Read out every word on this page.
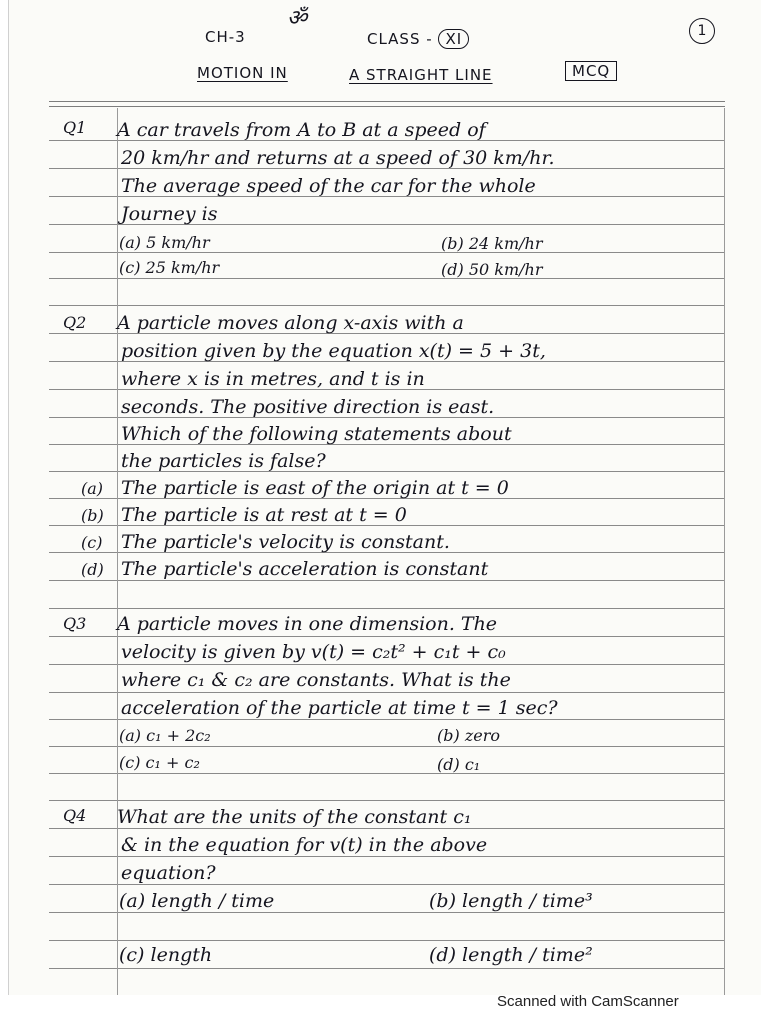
ॐ
CH-3	CLASS - XI	1
MOTION IN	A STRAIGHT LINE	MCQ
Q1 A car travels from A to B at a speed of
20 km/hr and returns at a speed of 30 km/hr.
The average speed of the car for the whole
Journey is
(a) 5 km/hr	(b) 24 km/hr
(c) 25 km/hr	(d) 50 km/hr
Q2 A particle moves along x-axis with a
position given by the equation x(t) = 5 + 3t,
where x is in metres, and t is in
seconds. The positive direction is east.
Which of the following statements about
the particles is false?
(a) The particle is east of the origin at t = 0
(b) The particle is at rest at t = 0
(c) The particle's velocity is constant.
(d) The particle's acceleration is constant
Q3 A particle moves in one dimension. The
velocity is given by v(t) = c₂t² + c₁t + c₀
where c₁ & c₂ are constants. What is the
acceleration of the particle at time t = 1 sec?
(a) c₁ + 2c₂	(b) zero
(c) c₁ + c₂	(d) c₁
Q4 What are the units of the constant c₁
& in the equation for v(t) in the above
equation?
(a) length / time	(b) length / time³
(c) length	(d) length / time²
Scanned with CamScanner
